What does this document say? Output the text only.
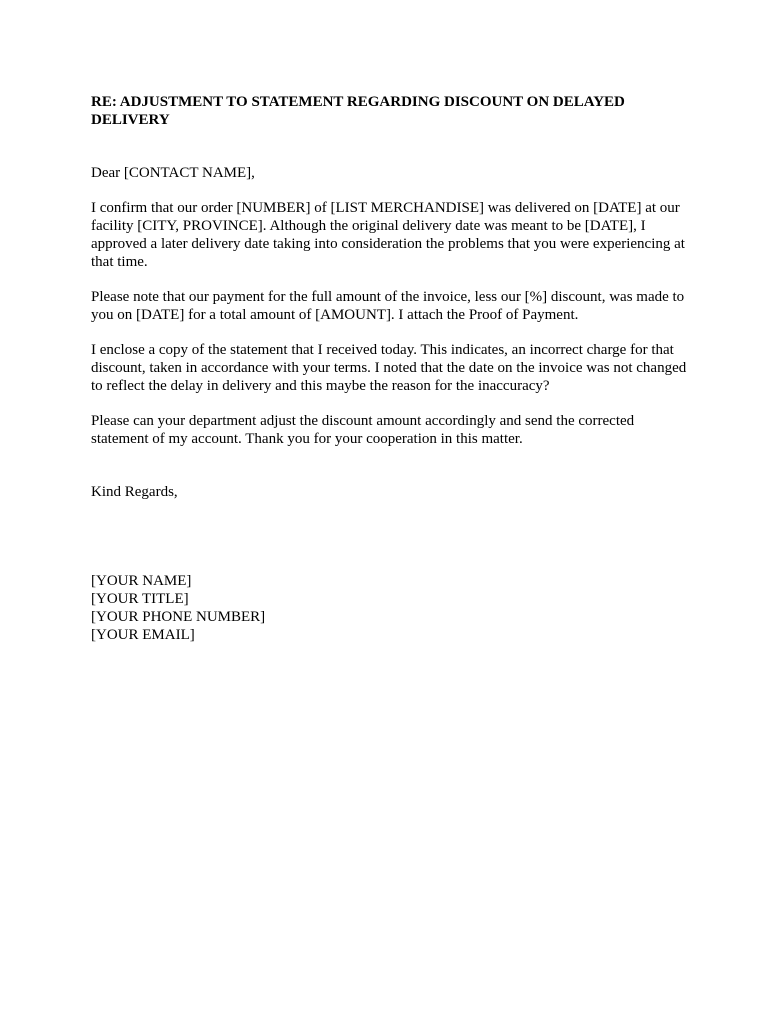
RE: ADJUSTMENT TO STATEMENT REGARDING DISCOUNT ON DELAYED DELIVERY

Dear [CONTACT NAME],

I confirm that our order [NUMBER] of [LIST MERCHANDISE] was delivered on [DATE] at our facility [CITY, PROVINCE]. Although the original delivery date was meant to be [DATE], I approved a later delivery date taking into consideration the problems that you were experiencing at that time.

Please note that our payment for the full amount of the invoice, less our [%] discount, was made to you on [DATE] for a total amount of [AMOUNT]. I attach the Proof of Payment.

I enclose a copy of the statement that I received today. This indicates, an incorrect charge for that discount, taken in accordance with your terms. I noted that the date on the invoice was not changed to reflect the delay in delivery and this maybe the reason for the inaccuracy?

Please can your department adjust the discount amount accordingly and send the corrected statement of my account. Thank you for your cooperation in this matter.

Kind Regards,

[YOUR NAME]
[YOUR TITLE]
[YOUR PHONE NUMBER]
[YOUR EMAIL]
